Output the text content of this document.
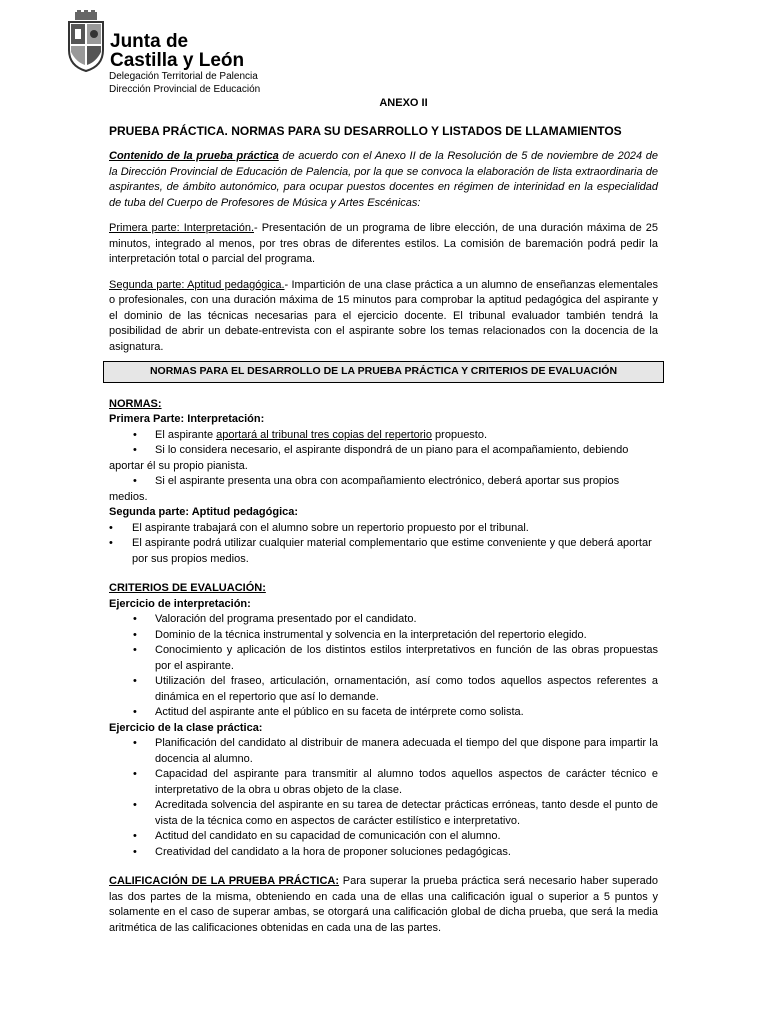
Junta de
Castilla y León
Delegación Territorial de Palencia
Dirección Provincial de Educación

ANEXO II

PRUEBA PRÁCTICA. NORMAS PARA SU DESARROLLO Y LISTADOS DE LLAMAMIENTOS

Contenido de la prueba práctica de acuerdo con el Anexo II de la Resolución de 5 de noviembre de 2024 de la Dirección Provincial de Educación de Palencia, por la que se convoca la elaboración de lista extraordinaria de aspirantes, de ámbito autonómico, para ocupar puestos docentes en régimen de interinidad en la especialidad de tuba del Cuerpo de Profesores de Música y Artes Escénicas:

Primera parte: Interpretación.- Presentación de un programa de libre elección, de una duración máxima de 25 minutos, integrado al menos, por tres obras de diferentes estilos. La comisión de baremación podrá pedir la interpretación total o parcial del programa.

Segunda parte: Aptitud pedagógica.- Impartición de una clase práctica a un alumno de enseñanzas elementales o profesionales, con una duración máxima de 15 minutos para comprobar la aptitud pedagógica del aspirante y el dominio de las técnicas necesarias para el ejercicio docente. El tribunal evaluador también tendrá la posibilidad de abrir un debate-entrevista con el aspirante sobre los temas relacionados con la docencia de la asignatura.

NORMAS PARA EL DESARROLLO DE LA PRUEBA PRÁCTICA Y CRITERIOS DE EVALUACIÓN

NORMAS:

Primera Parte: Interpretación:

• El aspirante aportará al tribunal tres copias del repertorio propuesto.
• Si lo considera necesario, el aspirante dispondrá de un piano para el acompañamiento, debiendo aportar él su propio pianista.
• Si el aspirante presenta una obra con acompañamiento electrónico, deberá aportar sus propios medios.

Segunda parte: Aptitud pedagógica:

• El aspirante trabajará con el alumno sobre un repertorio propuesto por el tribunal.
• El aspirante podrá utilizar cualquier material complementario que estime conveniente y que deberá aportar por sus propios medios.

CRITERIOS DE EVALUACIÓN:

Ejercicio de interpretación:

• Valoración del programa presentado por el candidato.
• Dominio de la técnica instrumental y solvencia en la interpretación del repertorio elegido.
• Conocimiento y aplicación de los distintos estilos interpretativos en función de las obras propuestas por el aspirante.
• Utilización del fraseo, articulación, ornamentación, así como todos aquellos aspectos referentes a dinámica en el repertorio que así lo demande.
• Actitud del aspirante ante el público en su faceta de intérprete como solista.

Ejercicio de la clase práctica:

• Planificación del candidato al distribuir de manera adecuada el tiempo del que dispone para impartir la docencia al alumno.
• Capacidad del aspirante para transmitir al alumno todos aquellos aspectos de carácter técnico e interpretativo de la obra u obras objeto de la clase.
• Acreditada solvencia del aspirante en su tarea de detectar prácticas erróneas, tanto desde el punto de vista de la técnica como en aspectos de carácter estilístico e interpretativo.
• Actitud del candidato en su capacidad de comunicación con el alumno.
• Creatividad del candidato a la hora de proponer soluciones pedagógicas.

CALIFICACIÓN DE LA PRUEBA PRÁCTICA: Para superar la prueba práctica será necesario haber superado las dos partes de la misma, obteniendo en cada una de ellas una calificación igual o superior a 5 puntos y solamente en el caso de superar ambas, se otorgará una calificación global de dicha prueba, que será la media aritmética de las calificaciones obtenidas en cada una de las partes.
